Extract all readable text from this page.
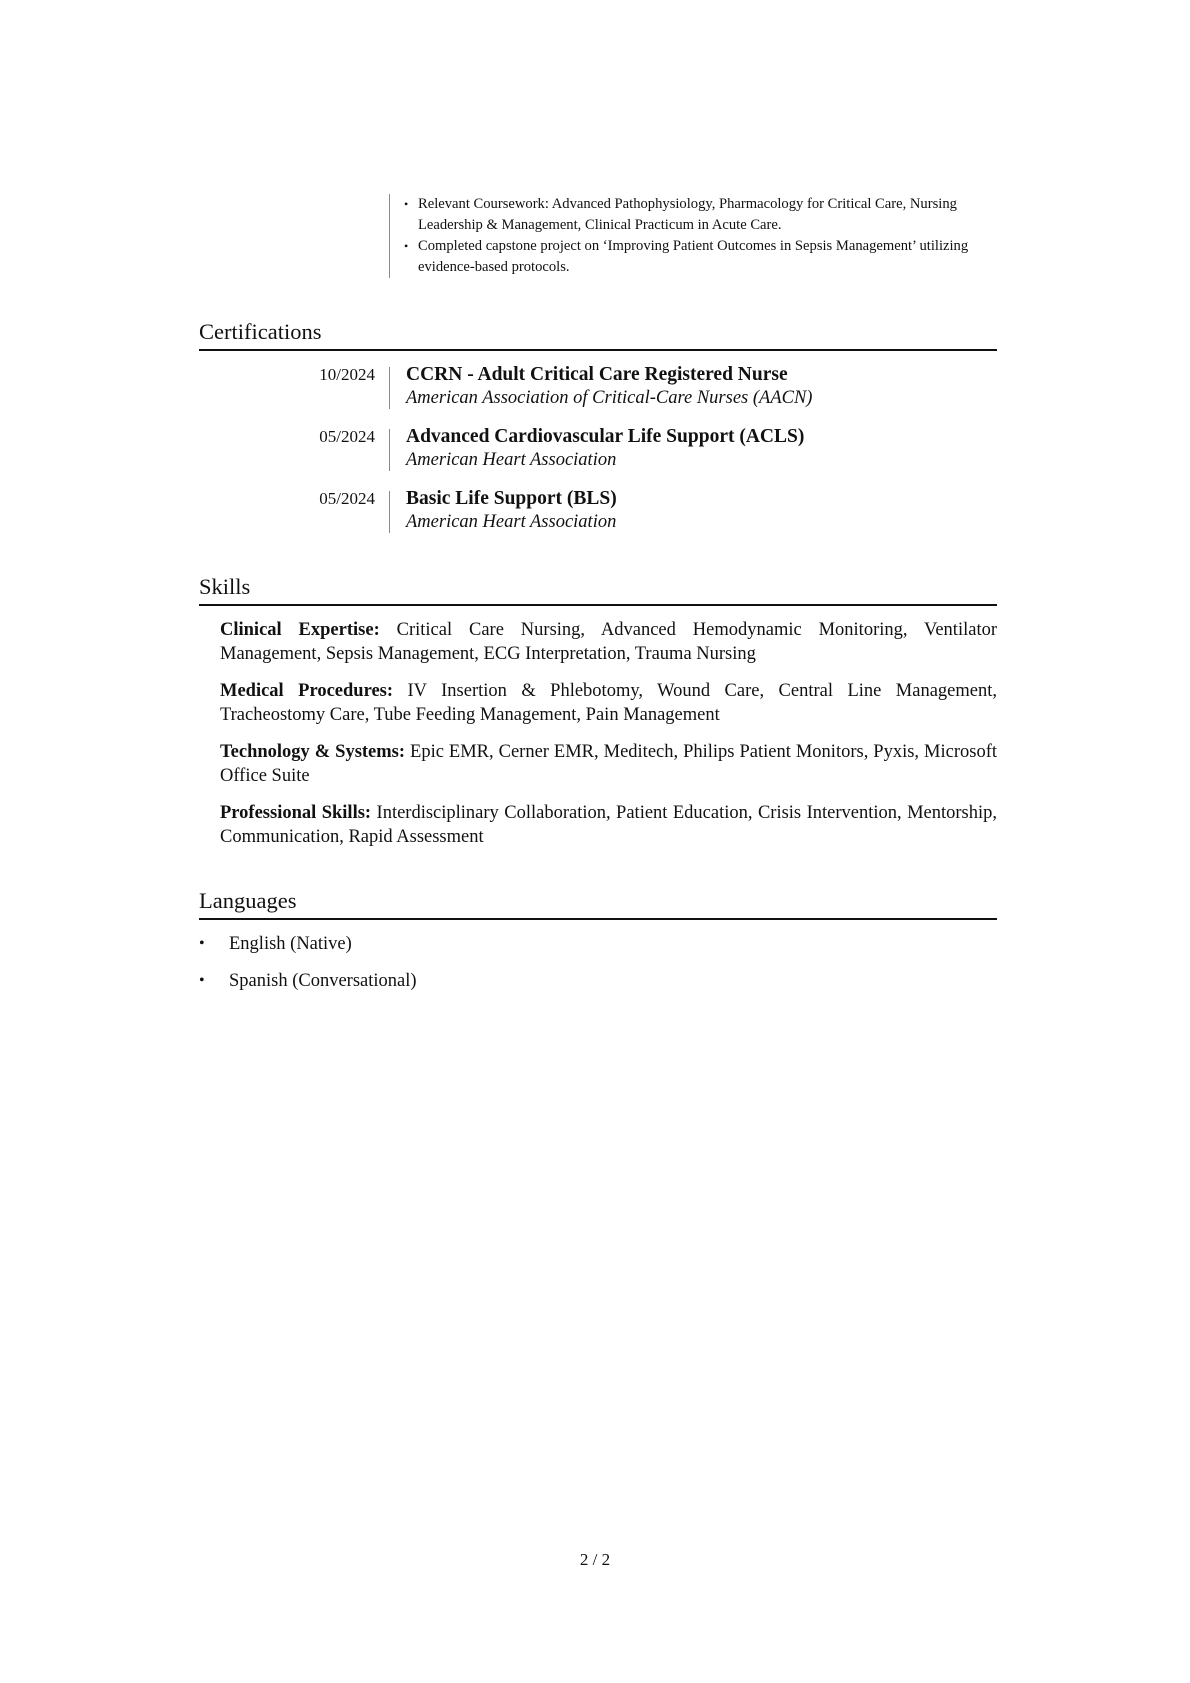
• Relevant Coursework: Advanced Pathophysiology, Pharmacology for Critical Care, Nursing Leadership & Management, Clinical Practicum in Acute Care.
• Completed capstone project on ‘Improving Patient Outcomes in Sepsis Management’ utilizing evidence-based protocols.
Certifications
10/2024 CCRN - Adult Critical Care Registered Nurse
American Association of Critical-Care Nurses (AACN)
05/2024 Advanced Cardiovascular Life Support (ACLS)
American Heart Association
05/2024 Basic Life Support (BLS)
American Heart Association
Skills
Clinical Expertise: Critical Care Nursing, Advanced Hemodynamic Monitoring, Ventilator Management, Sepsis Management, ECG Interpretation, Trauma Nursing
Medical Procedures: IV Insertion & Phlebotomy, Wound Care, Central Line Management, Tracheostomy Care, Tube Feeding Management, Pain Management
Technology & Systems: Epic EMR, Cerner EMR, Meditech, Philips Patient Monitors, Pyxis, Microsoft Office Suite
Professional Skills: Interdisciplinary Collaboration, Patient Education, Crisis Intervention, Mentorship, Communication, Rapid Assessment
Languages
• English (Native)
• Spanish (Conversational)
2 / 2
